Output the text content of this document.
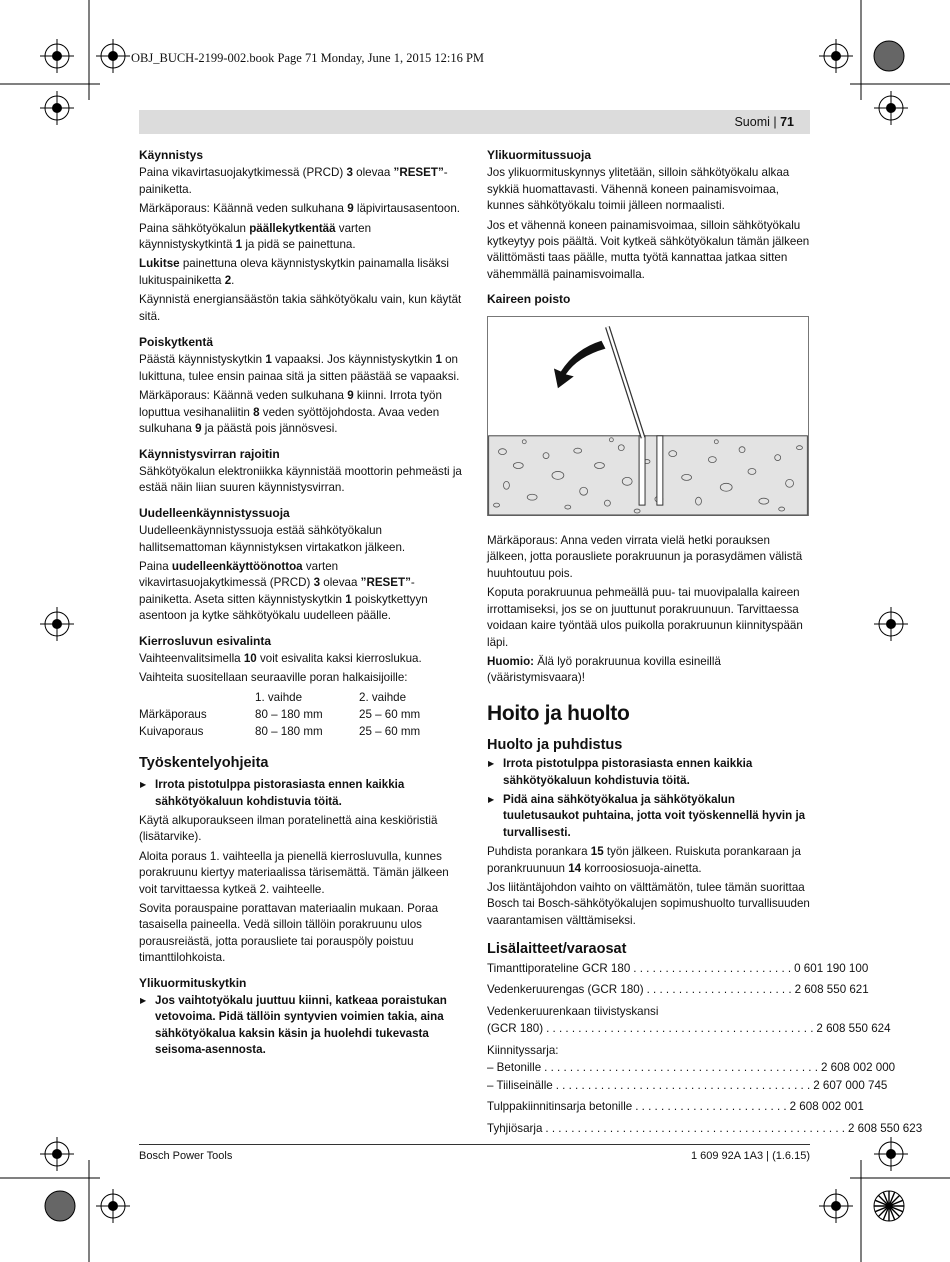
OBJ_BUCH-2199-002.book Page 71 Monday, June 1, 2015 12:16 PM
Suomi | 71
Käynnistys

Paina vikavirtasuojakytkimessä (PRCD) 3 olevaa ”RESET”-painiketta.

Märkäporaus: Käännä veden sulkuhana 9 läpivirtausasentoon.

Paina sähkötyökalun päällekytkentää varten käynnistyskytkintä 1 ja pidä se painettuna.

Lukitse painettuna oleva käynnistyskytkin painamalla lisäksi lukituspainiketta 2.

Käynnistä energiansäästön takia sähkötyökalu vain, kun käytät sitä.

Poiskytkentä

Päästä käynnistyskytkin 1 vapaaksi. Jos käynnistyskytkin 1 on lukittuna, tulee ensin painaa sitä ja sitten päästää se vapaaksi.

Märkäporaus: Käännä veden sulkuhana 9 kiinni. Irrota työn loputtua vesihanaliitin 8 veden syöttöjohdosta. Avaa veden sulkuhana 9 ja päästä pois jännösvesi.

Käynnistysvirran rajoitin

Sähkötyökalun elektroniikka käynnistää moottorin pehmeästi ja estää näin liian suuren käynnistysvirran.

Uudelleenkäynnistyssuoja

Uudelleenkäynnistyssuoja estää sähkötyökalun hallitsemattoman käynnistyksen virtakatkon jälkeen.

Paina uudelleenkäyttöönottoa varten vikavirtasuojakytkimessä (PRCD) 3 olevaa ”RESET”-painiketta. Aseta sitten käynnistyskytkin 1 poiskytkettyyn asentoon ja kytke sähkötyökalu uudelleen päälle.

Kierrosluvun esivalinta

Vaihteenvalitsimella 10 voit esivalita kaksi kierroslukua.

Vaihteita suositellaan seuraaville poran halkaisijoille:

	1. vaihde	2. vaihde
Märkäporaus	80 – 180 mm	25 – 60 mm
Kuivaporaus	80 – 180 mm	25 – 60 mm
Työskentelyohjeita
▶ Irrota pistotulppa pistorasiasta ennen kaikkia sähkötyökaluun kohdistuvia töitä.

Käytä alkuporaukseen ilman poratelinettä aina keskiöristiä (lisätarvike).

Aloita poraus 1. vaihteella ja pienellä kierrosluvulla, kunnes porakruunu kiertyy materiaalissa tärisemättä. Tämän jälkeen voit tarvittaessa kytkeä 2. vaihteelle.

Sovita porauspaine porattavan materiaalin mukaan. Poraa tasaisella paineella. Vedä silloin tällöin porakruunu ulos porausreiästä, jotta porausliete tai porauspöly poistuu timanttilohkoista.

Ylikuormituskytkin
▶ Jos vaihtotyökalu juuttuu kiinni, katkeaa poraistukan vetovoima. Pidä tällöin syntyvien voimien takia, aina sähkötyökalua kaksin käsin ja huolehdi tukevasta seisoma-asennosta.
Ylikuormitussuoja

Jos ylikuormituskynnys ylitetään, silloin sähkötyökalu alkaa sykkiä huomattavasti. Vähennä koneen painamisvoimaa, kunnes sähkötyökalu toimii jälleen normaalisti.

Jos et vähennä koneen painamisvoimaa, silloin sähkötyökalu kytkeytyy pois päältä. Voit kytkeä sähkötyökalun tämän jälkeen välittömästi taas päälle, mutta työtä kannattaa jatkaa sitten vähemmällä painamisvoimalla.

Kaireen poisto

Märkäporaus: Anna veden virrata vielä hetki porauksen jälkeen, jotta porausliete porakruunun ja porasydämen välistä huuhtoutuu pois.

Koputa porakruunua pehmeällä puu- tai muovipalalla kaireen irrottamiseksi, jos se on juuttunut porakruunuun. Tarvittaessa voidaan kaire työntää ulos puikolla porakruunun kiinnityspään läpi.

Huomio: Älä lyö porakruunua kovilla esineillä (vääristymisvaara)!

Hoito ja huolto
Huolto ja puhdistus
▶ Irrota pistotulppa pistorasiasta ennen kaikkia sähkötyökaluun kohdistuvia töitä.
▶ Pidä aina sähkötyökalua ja sähkötyökalun tuuletusaukot puhtaina, jotta voit työskennellä hyvin ja turvallisesti.

Puhdista porankara 15 työn jälkeen. Ruiskuta porankaraan ja porankruunuun 14 korroosiosuoja-ainetta.

Jos liitäntäjohdon vaihto on välttämätön, tulee tämän suorittaa Bosch tai Bosch-sähkötyökalujen sopimushuolto turvallisuuden vaarantamisen välttämiseksi.

Lisälaitteet/varaosat
Timanttiporateline GCR 180 . . . . . . . . . . . . . . . . . . . . . . . . . 0 601 190 100
Vedenkeruurengas (GCR 180) . . . . . . . . . . . . . . . . . . . . . . . 2 608 550 621
Vedenkeruurenkaan tiivistyskansi
(GCR 180) . . . . . . . . . . . . . . . . . . . . . . . . . . . . . . . . . . . . . . . . . . 2 608 550 624
Kiinnityssarja:
– Betonille . . . . . . . . . . . . . . . . . . . . . . . . . . . . . . . . . . . . . . . . . . . 2 608 002 000
– Tiiliseinälle . . . . . . . . . . . . . . . . . . . . . . . . . . . . . . . . . . . . . . . . 2 607 000 745
Tulppakiinnitinsarja betonille . . . . . . . . . . . . . . . . . . . . . . . . 2 608 002 001
Tyhjiösarja . . . . . . . . . . . . . . . . . . . . . . . . . . . . . . . . . . . . . . . . . . . . . . . 2 608 550 623
Bosch Power Tools	1 609 92A 1A3 | (1.6.15)
